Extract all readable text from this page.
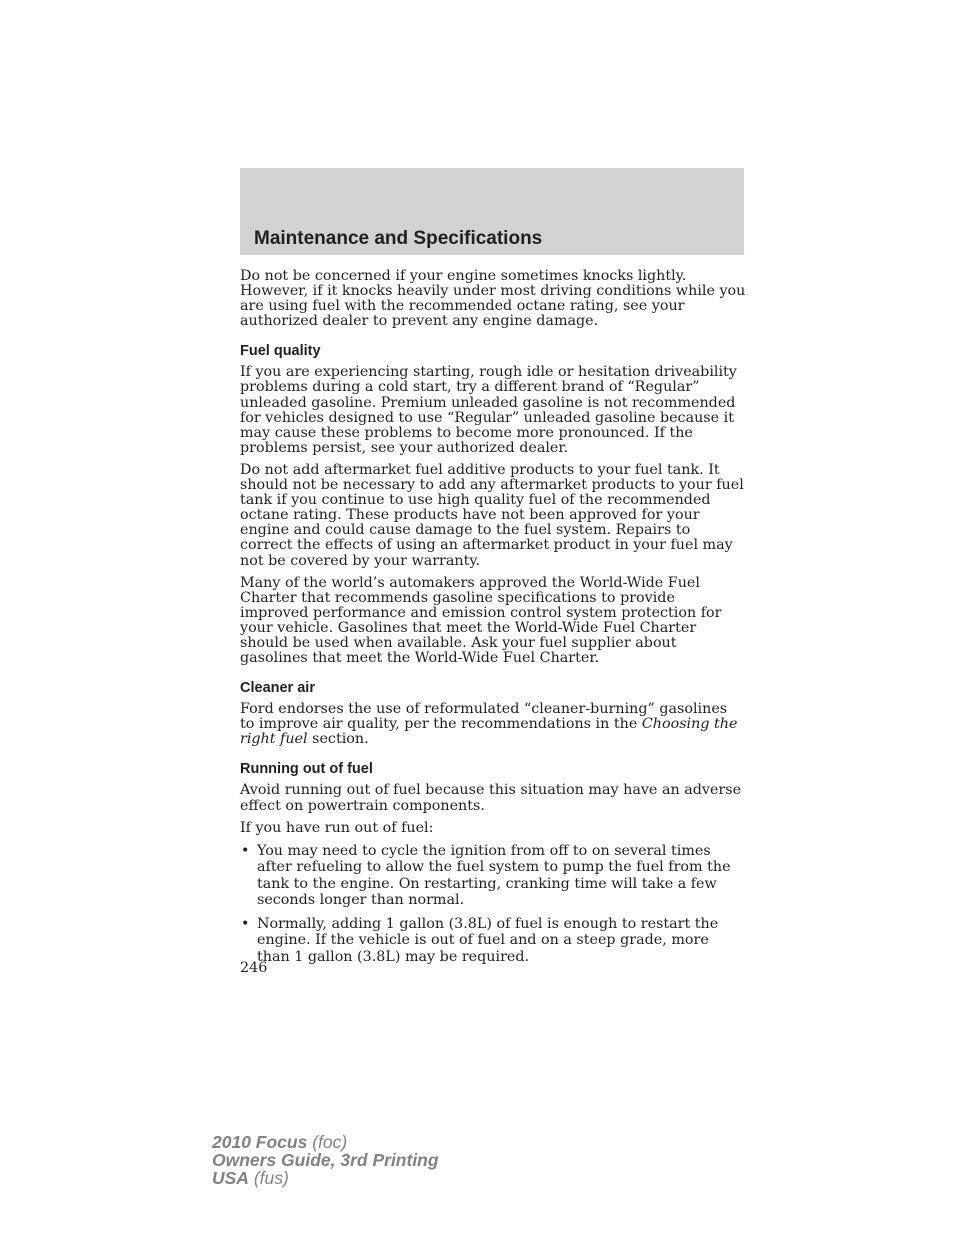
Maintenance and Specifications

Do not be concerned if your engine sometimes knocks lightly. However, if it knocks heavily under most driving conditions while you are using fuel with the recommended octane rating, see your authorized dealer to prevent any engine damage.

Fuel quality

If you are experiencing starting, rough idle or hesitation driveability problems during a cold start, try a different brand of “Regular” unleaded gasoline. Premium unleaded gasoline is not recommended for vehicles designed to use “Regular” unleaded gasoline because it may cause these problems to become more pronounced. If the problems persist, see your authorized dealer.

Do not add aftermarket fuel additive products to your fuel tank. It should not be necessary to add any aftermarket products to your fuel tank if you continue to use high quality fuel of the recommended octane rating. These products have not been approved for your engine and could cause damage to the fuel system. Repairs to correct the effects of using an aftermarket product in your fuel may not be covered by your warranty.

Many of the world’s automakers approved the World-Wide Fuel Charter that recommends gasoline specifications to provide improved performance and emission control system protection for your vehicle. Gasolines that meet the World-Wide Fuel Charter should be used when available. Ask your fuel supplier about gasolines that meet the World-Wide Fuel Charter.

Cleaner air

Ford endorses the use of reformulated “cleaner-burning” gasolines to improve air quality, per the recommendations in the Choosing the right fuel section.

Running out of fuel

Avoid running out of fuel because this situation may have an adverse effect on powertrain components.

If you have run out of fuel:

• You may need to cycle the ignition from off to on several times after refueling to allow the fuel system to pump the fuel from the tank to the engine. On restarting, cranking time will take a few seconds longer than normal.
• Normally, adding 1 gallon (3.8L) of fuel is enough to restart the engine. If the vehicle is out of fuel and on a steep grade, more than 1 gallon (3.8L) may be required.
246
2010 Focus (foc)
Owners Guide, 3rd Printing
USA (fus)
